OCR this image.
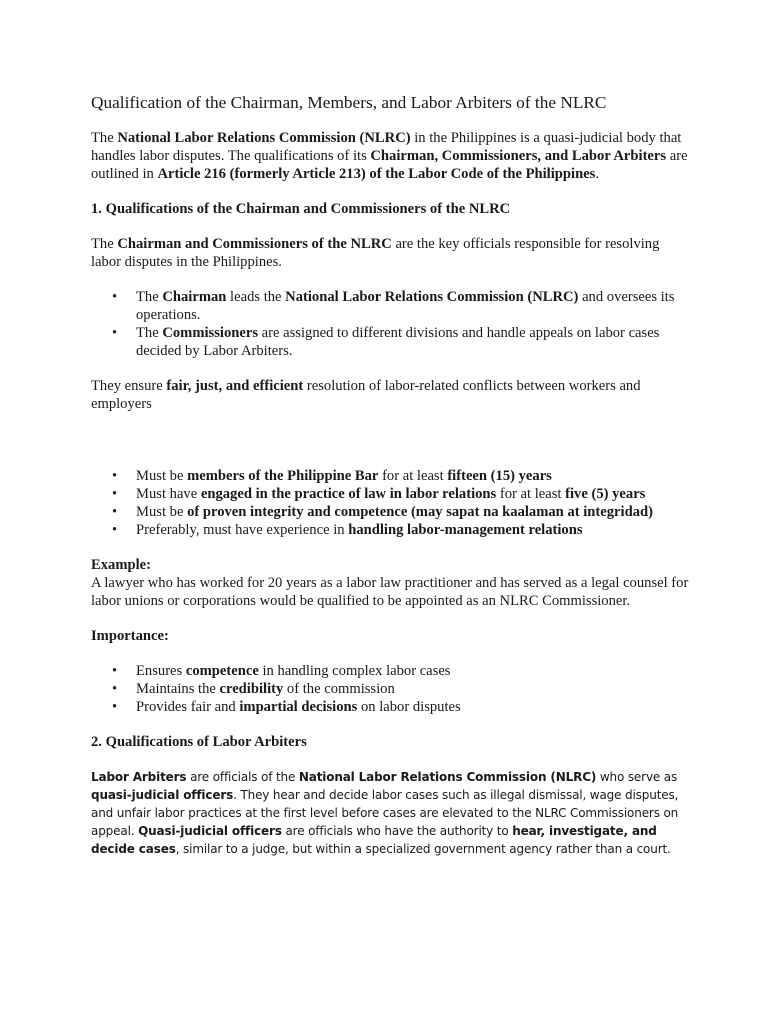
Qualification of the Chairman, Members, and Labor Arbiters of the NLRC

The National Labor Relations Commission (NLRC) in the Philippines is a quasi-judicial body that handles labor disputes. The qualifications of its Chairman, Commissioners, and Labor Arbiters are outlined in Article 216 (formerly Article 213) of the Labor Code of the Philippines.

1. Qualifications of the Chairman and Commissioners of the NLRC

The Chairman and Commissioners of the NLRC are the key officials responsible for resolving labor disputes in the Philippines.

• The Chairman leads the National Labor Relations Commission (NLRC) and oversees its operations.
• The Commissioners are assigned to different divisions and handle appeals on labor cases decided by Labor Arbiters.

They ensure fair, just, and efficient resolution of labor-related conflicts between workers and employers

• Must be members of the Philippine Bar for at least fifteen (15) years
• Must have engaged in the practice of law in labor relations for at least five (5) years
• Must be of proven integrity and competence (may sapat na kaalaman at integridad)
• Preferably, must have experience in handling labor-management relations

Example:

A lawyer who has worked for 20 years as a labor law practitioner and has served as a legal counsel for labor unions or corporations would be qualified to be appointed as an NLRC Commissioner.

Importance:

• Ensures competence in handling complex labor cases
• Maintains the credibility of the commission
• Provides fair and impartial decisions on labor disputes
2. Qualifications of Labor Arbiters

Labor Arbiters are officials of the National Labor Relations Commission (NLRC) who serve as quasi-judicial officers. They hear and decide labor cases such as illegal dismissal, wage disputes, and unfair labor practices at the first level before cases are elevated to the NLRC Commissioners on appeal. Quasi-judicial officers are officials who have the authority to hear, investigate, and decide cases, similar to a judge, but within a specialized government agency rather than a court.
